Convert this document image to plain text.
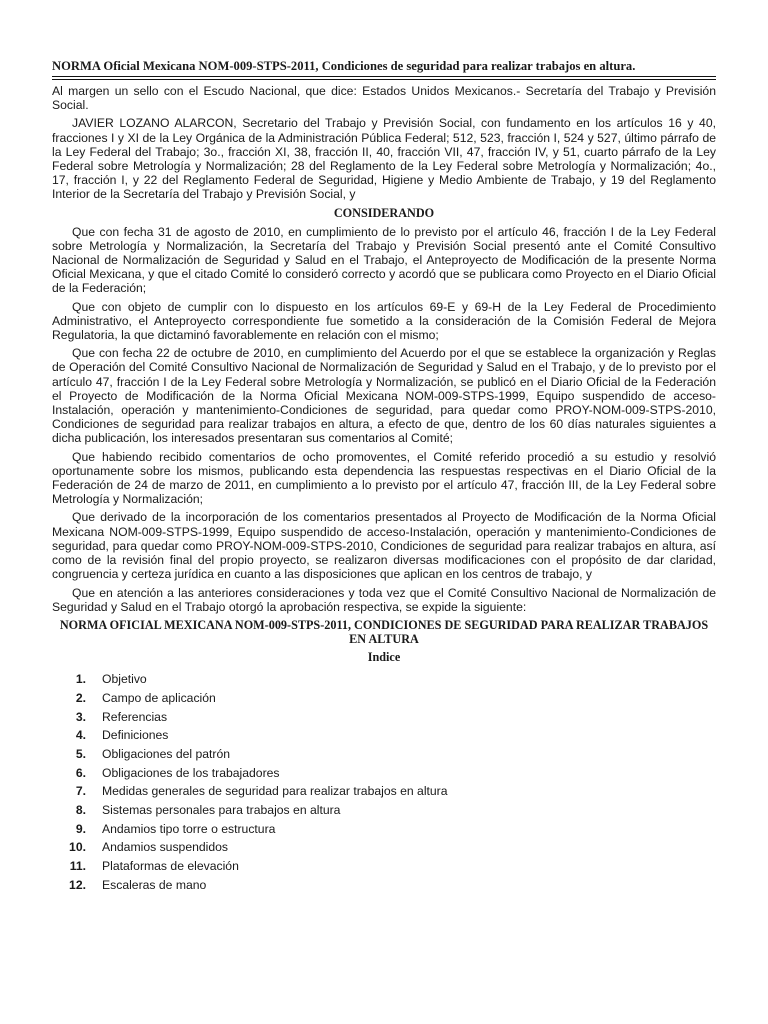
NORMA Oficial Mexicana NOM-009-STPS-2011, Condiciones de seguridad para realizar trabajos en altura.

Al margen un sello con el Escudo Nacional, que dice: Estados Unidos Mexicanos.- Secretaría del Trabajo y Previsión Social.

JAVIER LOZANO ALARCON, Secretario del Trabajo y Previsión Social, con fundamento en los artículos 16 y 40, fracciones I y XI de la Ley Orgánica de la Administración Pública Federal; 512, 523, fracción I, 524 y 527, último párrafo de la Ley Federal del Trabajo; 3o., fracción XI, 38, fracción II, 40, fracción VII, 47, fracción IV, y 51, cuarto párrafo de la Ley Federal sobre Metrología y Normalización; 28 del Reglamento de la Ley Federal sobre Metrología y Normalización; 4o., 17, fracción I, y 22 del Reglamento Federal de Seguridad, Higiene y Medio Ambiente de Trabajo, y 19 del Reglamento Interior de la Secretaría del Trabajo y Previsión Social, y

CONSIDERANDO

Que con fecha 31 de agosto de 2010, en cumplimiento de lo previsto por el artículo 46, fracción I de la Ley Federal sobre Metrología y Normalización, la Secretaría del Trabajo y Previsión Social presentó ante el Comité Consultivo Nacional de Normalización de Seguridad y Salud en el Trabajo, el Anteproyecto de Modificación de la presente Norma Oficial Mexicana, y que el citado Comité lo consideró correcto y acordó que se publicara como Proyecto en el Diario Oficial de la Federación;

Que con objeto de cumplir con lo dispuesto en los artículos 69-E y 69-H de la Ley Federal de Procedimiento Administrativo, el Anteproyecto correspondiente fue sometido a la consideración de la Comisión Federal de Mejora Regulatoria, la que dictaminó favorablemente en relación con el mismo;

Que con fecha 22 de octubre de 2010, en cumplimiento del Acuerdo por el que se establece la organización y Reglas de Operación del Comité Consultivo Nacional de Normalización de Seguridad y Salud en el Trabajo, y de lo previsto por el artículo 47, fracción I de la Ley Federal sobre Metrología y Normalización, se publicó en el Diario Oficial de la Federación el Proyecto de Modificación de la Norma Oficial Mexicana NOM-009-STPS-1999, Equipo suspendido de acceso-Instalación, operación y mantenimiento-Condiciones de seguridad, para quedar como PROY-NOM-009-STPS-2010, Condiciones de seguridad para realizar trabajos en altura, a efecto de que, dentro de los 60 días naturales siguientes a dicha publicación, los interesados presentaran sus comentarios al Comité;

Que habiendo recibido comentarios de ocho promoventes, el Comité referido procedió a su estudio y resolvió oportunamente sobre los mismos, publicando esta dependencia las respuestas respectivas en el Diario Oficial de la Federación de 24 de marzo de 2011, en cumplimiento a lo previsto por el artículo 47, fracción III, de la Ley Federal sobre Metrología y Normalización;

Que derivado de la incorporación de los comentarios presentados al Proyecto de Modificación de la Norma Oficial Mexicana NOM-009-STPS-1999, Equipo suspendido de acceso-Instalación, operación y mantenimiento-Condiciones de seguridad, para quedar como PROY-NOM-009-STPS-2010, Condiciones de seguridad para realizar trabajos en altura, así como de la revisión final del propio proyecto, se realizaron diversas modificaciones con el propósito de dar claridad, congruencia y certeza jurídica en cuanto a las disposiciones que aplican en los centros de trabajo, y

Que en atención a las anteriores consideraciones y toda vez que el Comité Consultivo Nacional de Normalización de Seguridad y Salud en el Trabajo otorgó la aprobación respectiva, se expide la siguiente:

NORMA OFICIAL MEXICANA NOM-009-STPS-2011, CONDICIONES DE SEGURIDAD PARA REALIZAR TRABAJOS EN ALTURA
Indice
1.	Objetivo
2.	Campo de aplicación
3.	Referencias
4.	Definiciones
5.	Obligaciones del patrón
6.	Obligaciones de los trabajadores
7.	Medidas generales de seguridad para realizar trabajos en altura
8.	Sistemas personales para trabajos en altura
9.	Andamios tipo torre o estructura
10.	Andamios suspendidos
11.	Plataformas de elevación
12.	Escaleras de mano
